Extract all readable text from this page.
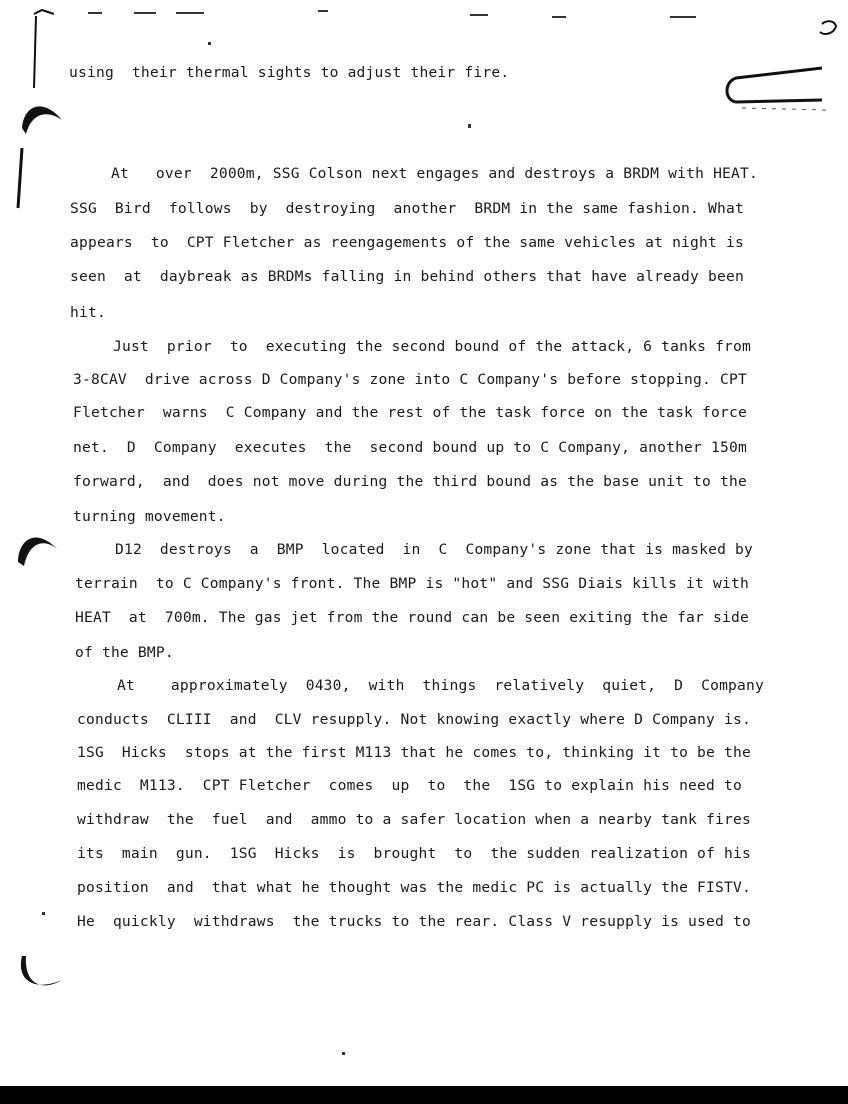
using  their thermal sights to adjust their fire.
At   over  2000m, SSG Colson next engages and destroys a BRDM with HEAT.
SSG  Bird  follows  by  destroying  another  BRDM in the same fashion. What
appears  to  CPT Fletcher as reengagements of the same vehicles at night is
seen  at  daybreak as BRDMs falling in behind others that have already been
hit.
Just  prior  to  executing the second bound of the attack, 6 tanks from
3-8CAV  drive across D Company's zone into C Company's before stopping. CPT
Fletcher  warns  C Company and the rest of the task force on the task force
net.  D  Company  executes  the  second bound up to C Company, another 150m
forward,  and  does not move during the third bound as the base unit to the
turning movement.
D12  destroys  a  BMP  located  in  C  Company's zone that is masked by
terrain  to C Company's front. The BMP is "hot" and SSG Diais kills it with
HEAT  at  700m. The gas jet from the round can be seen exiting the far side
of the BMP.
At    approximately  0430,  with  things  relatively  quiet,  D  Company
conducts  CLIII  and  CLV resupply. Not knowing exactly where D Company is.
1SG  Hicks  stops at the first M113 that he comes to, thinking it to be the
medic  M113.  CPT Fletcher  comes  up  to  the  1SG to explain his need to
withdraw  the  fuel  and  ammo to a safer location when a nearby tank fires
its  main  gun.  1SG  Hicks  is  brought  to  the sudden realization of his
position  and  that what he thought was the medic PC is actually the FISTV.
He  quickly  withdraws  the trucks to the rear. Class V resupply is used to
